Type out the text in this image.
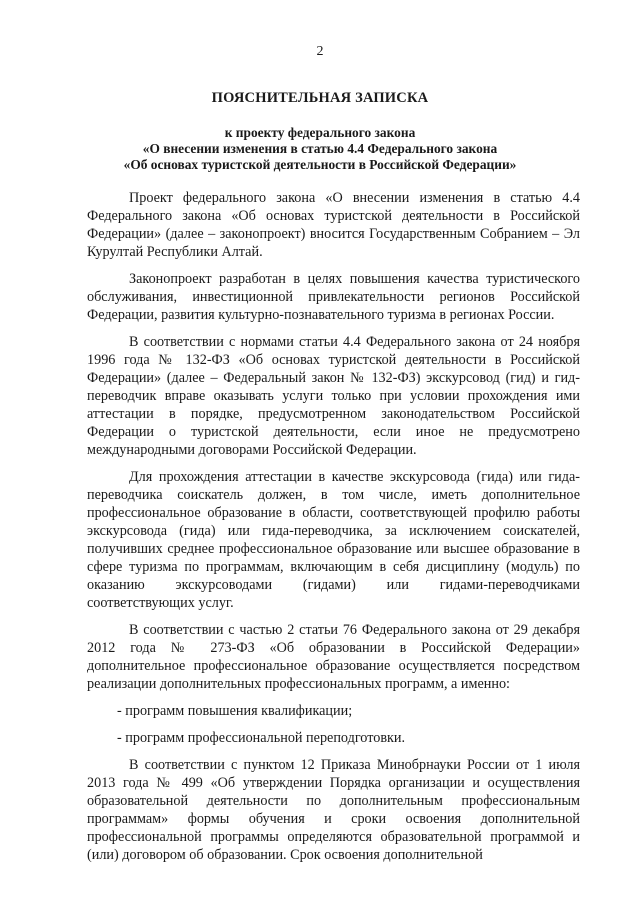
2
ПОЯСНИТЕЛЬНАЯ ЗАПИСКА
к проекту федерального закона
«О внесении изменения в статью 4.4 Федерального закона
«Об основах туристской деятельности в Российской Федерации»

Проект федерального закона «О внесении изменения в статью 4.4 Федерального закона «Об основах туристской деятельности в Российской Федерации» (далее – законопроект) вносится Государственным Собранием – Эл Курултай Республики Алтай.

Законопроект разработан в целях повышения качества туристического обслуживания, инвестиционной привлекательности регионов Российской Федерации, развития культурно-познавательного туризма в регионах России.

В соответствии с нормами статьи 4.4 Федерального закона от 24 ноября 1996 года № 132-ФЗ «Об основах туристской деятельности в Российской Федерации» (далее – Федеральный закон № 132-ФЗ) экскурсовод (гид) и гид-переводчик вправе оказывать услуги только при условии прохождения ими аттестации в порядке, предусмотренном законодательством Российской Федерации о туристской деятельности, если иное не предусмотрено международными договорами Российской Федерации.

Для прохождения аттестации в качестве экскурсовода (гида) или гида-переводчика соискатель должен, в том числе, иметь дополнительное профессиональное образование в области, соответствующей профилю работы экскурсовода (гида) или гида-переводчика, за исключением соискателей, получивших среднее профессиональное образование или высшее образование в сфере туризма по программам, включающим в себя дисциплину (модуль) по оказанию экскурсоводами (гидами) или гидами-переводчиками соответствующих услуг.

В соответствии с частью 2 статьи 76 Федерального закона от 29 декабря 2012 года № 273-ФЗ «Об образовании в Российской Федерации» дополнительное профессиональное образование осуществляется посредством реализации дополнительных профессиональных программ, а именно:

- программ повышения квалификации;

- программ профессиональной переподготовки.

В соответствии с пунктом 12 Приказа Минобрнауки России от 1 июля 2013 года № 499 «Об утверждении Порядка организации и осуществления образовательной деятельности по дополнительным профессиональным программам» формы обучения и сроки освоения дополнительной профессиональной программы определяются образовательной программой и (или) договором об образовании. Срок освоения дополнительной
